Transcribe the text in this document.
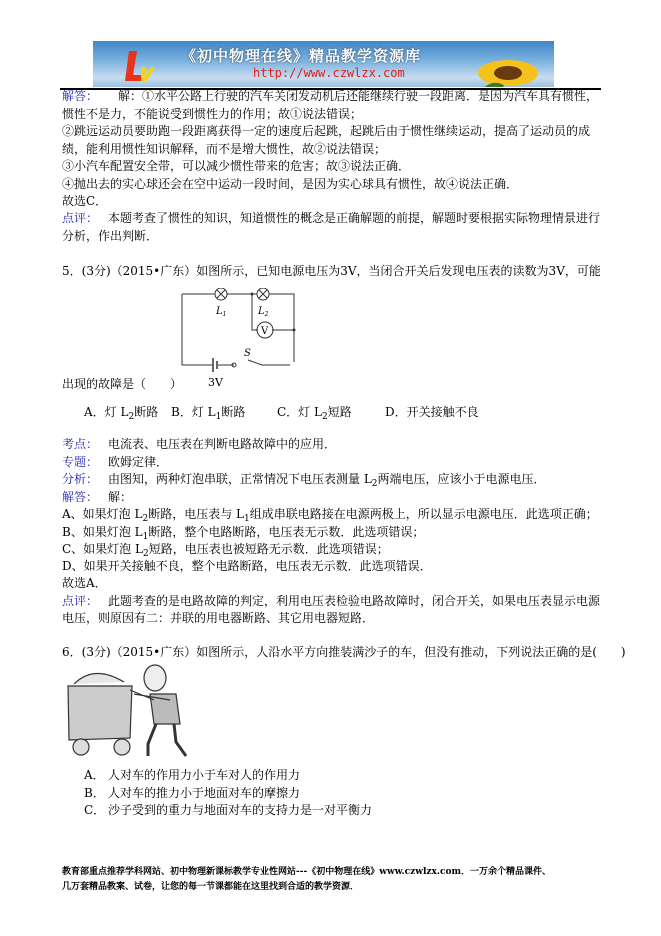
《初中物理在线》精品教学资源库
http://www.czwlzx.com
解答： 解：①水平公路上行驶的汽车关闭发动机后还能继续行驶一段距离．是因为汽车具有惯性，
惯性不是力，不能说受到惯性力的作用；故①说法错误；
②跳远运动员要助跑一段距离获得一定的速度后起跳，起跳后由于惯性继续运动，提高了运动员的成
绩，能利用惯性知识解释，而不是增大惯性，故②说法错误；
③小汽车配置安全带，可以减少惯性带来的危害；故③说法正确．
④抛出去的实心球还会在空中运动一段时间，是因为实心球具有惯性，故④说法正确．
故选C．
点评： 本题考查了惯性的知识，知道惯性的概念是正确解题的前提，解题时要根据实际物理情景进行
分析，作出判断．
5．(3分)（2015•广东）如图所示，已知电源电压为3V，当闭合开关后发现电压表的读数为3V，可能
$L_1$	$L_2$
V
S
3V
出现的故障是（　　）
A．灯 $L_2$断路 B．灯 $L_1$断路	C．灯 $L_2$短路	D．开关接触不良
考点： 电流表、电压表在判断电路故障中的应用．
专题： 欧姆定律．
分析： 由图知，两种灯泡串联，正常情况下电压表测量 $L_2$两端电压，应该小于电源电压．
解答： 解：
A、如果灯泡 $L_2$断路，电压表与 $L_1$组成串联电路接在电源两极上，所以显示电源电压．此选项正确；
B、如果灯泡 $L_1$断路，整个电路断路，电压表无示数．此选项错误；
C、如果灯泡 $L_2$短路，电压表也被短路无示数．此选项错误；
D、如果开关接触不良，整个电路断路，电压表无示数．此选项错误．
故选A．
点评： 此题考查的是电路故障的判定，利用电压表检验电路故障时，闭合开关，如果电压表显示电源
电压，则原因有二：并联的用电器断路、其它用电器短路．
6．(3分)（2015•广东）如图所示，人沿水平方向推装满沙子的车，但没有推动，下列说法正确的是(　　)
A． 人对车的作用力小于车对人的作用力
B． 人对车的推力小于地面对车的摩擦力
C． 沙子受到的重力与地面对车的支持力是一对平衡力
教育部重点推荐学科网站、初中物理新课标教学专业性网站---《初中物理在线》www.czwlzx.com．一万余个精品课件、
几万套精品教案、试卷，让您的每一节课都能在这里找到合适的教学资源．
